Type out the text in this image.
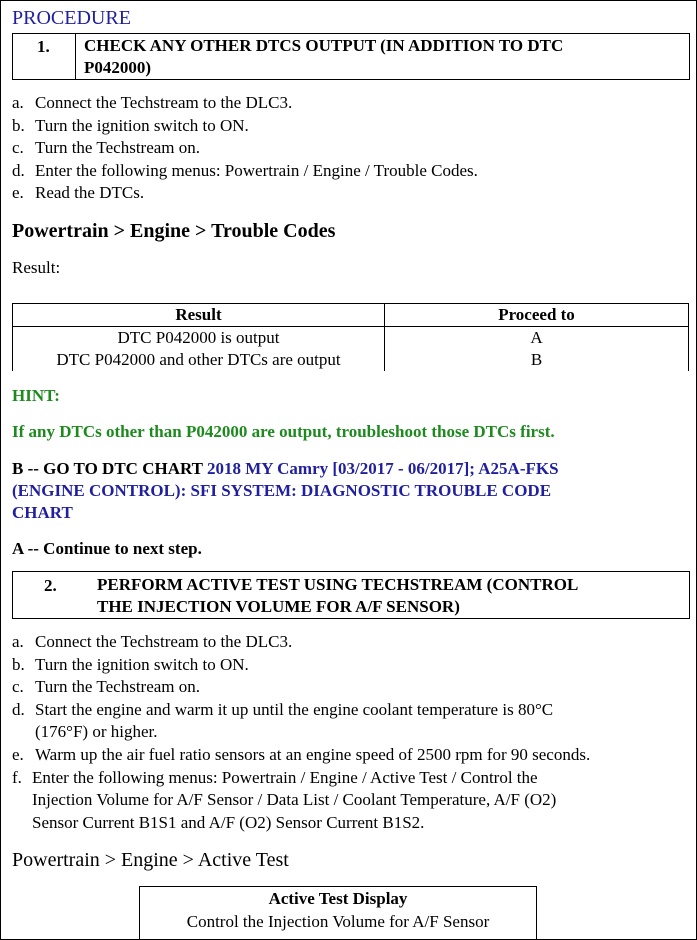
PROCEDURE
1. CHECK ANY OTHER DTCS OUTPUT (IN ADDITION TO DTC
P042000)
a. Connect the Techstream to the DLC3.
b. Turn the ignition switch to ON.
c. Turn the Techstream on.
d. Enter the following menus: Powertrain / Engine / Trouble Codes.
e. Read the DTCs.
Powertrain > Engine > Trouble Codes
Result:
Result	Proceed to
DTC P042000 is output	A
DTC P042000 and other DTCs are output	B
HINT:
If any DTCs other than P042000 are output, troubleshoot those DTCs first.
B -- GO TO DTC CHART 2018 MY Camry [03/2017 - 06/2017]; A25A-FKS
(ENGINE CONTROL): SFI SYSTEM: DIAGNOSTIC TROUBLE CODE
CHART
A -- Continue to next step.
2. PERFORM ACTIVE TEST USING TECHSTREAM (CONTROL
THE INJECTION VOLUME FOR A/F SENSOR)
a. Connect the Techstream to the DLC3.
b. Turn the ignition switch to ON.
c. Turn the Techstream on.
d. Start the engine and warm it up until the engine coolant temperature is 80°C
(176°F) or higher.
e. Warm up the air fuel ratio sensors at an engine speed of 2500 rpm for 90 seconds.
f. Enter the following menus: Powertrain / Engine / Active Test / Control the
Injection Volume for A/F Sensor / Data List / Coolant Temperature, A/F (O2)
Sensor Current B1S1 and A/F (O2) Sensor Current B1S2.
Powertrain > Engine > Active Test
Active Test Display
Control the Injection Volume for A/F Sensor
